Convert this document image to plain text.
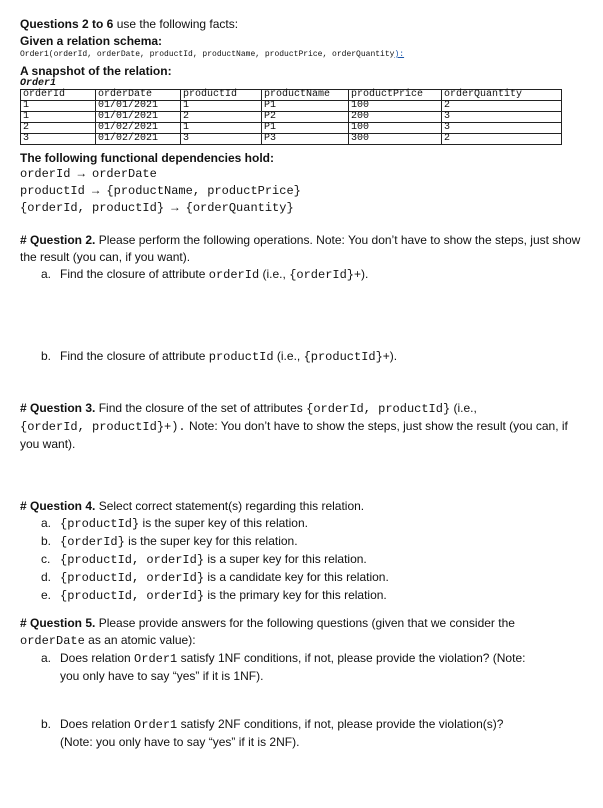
Questions 2 to 6 use the following facts:
Given a relation schema:
Order1(orderId, orderDate, productId, productName, productPrice, orderQuantity):
A snapshot of the relation:
Order1
orderId	orderDate	productId	productName	productPrice	orderQuantity
1	01/01/2021	1	P1	100	2
1	01/01/2021	2	P2	200	3
2	01/02/2021	1	P1	100	3
3	01/02/2021	3	P3	300	2
The following functional dependencies hold:
orderId → orderDate
productId → {productName, productPrice}
{orderId, productId} → {orderQuantity}
# Question 2. Please perform the following operations. Note: You don’t have to show the steps, just show the result (you can, if you want).
a. Find the closure of attribute orderId (i.e., {orderId}+).
b. Find the closure of attribute productId (i.e., {productId}+).
# Question 3. Find the closure of the set of attributes {orderId, productId} (i.e.,
{orderId, productId}+). Note: You don’t have to show the steps, just show the result (you can, if you want).
# Question 4. Select correct statement(s) regarding this relation.
a. {productId} is the super key of this relation.
b. {orderId} is the super key for this relation.
c. {productId, orderId} is a super key for this relation.
d. {productId, orderId} is a candidate key for this relation.
e. {productId, orderId} is the primary key for this relation.
# Question 5. Please provide answers for the following questions (given that we consider the
orderDate as an atomic value):
a. Does relation Order1 satisfy 1NF conditions, if not, please provide the violation? (Note:
you only have to say “yes” if it is 1NF).
b. Does relation Order1 satisfy 2NF conditions, if not, please provide the violation(s)?
(Note: you only have to say “yes” if it is 2NF).
